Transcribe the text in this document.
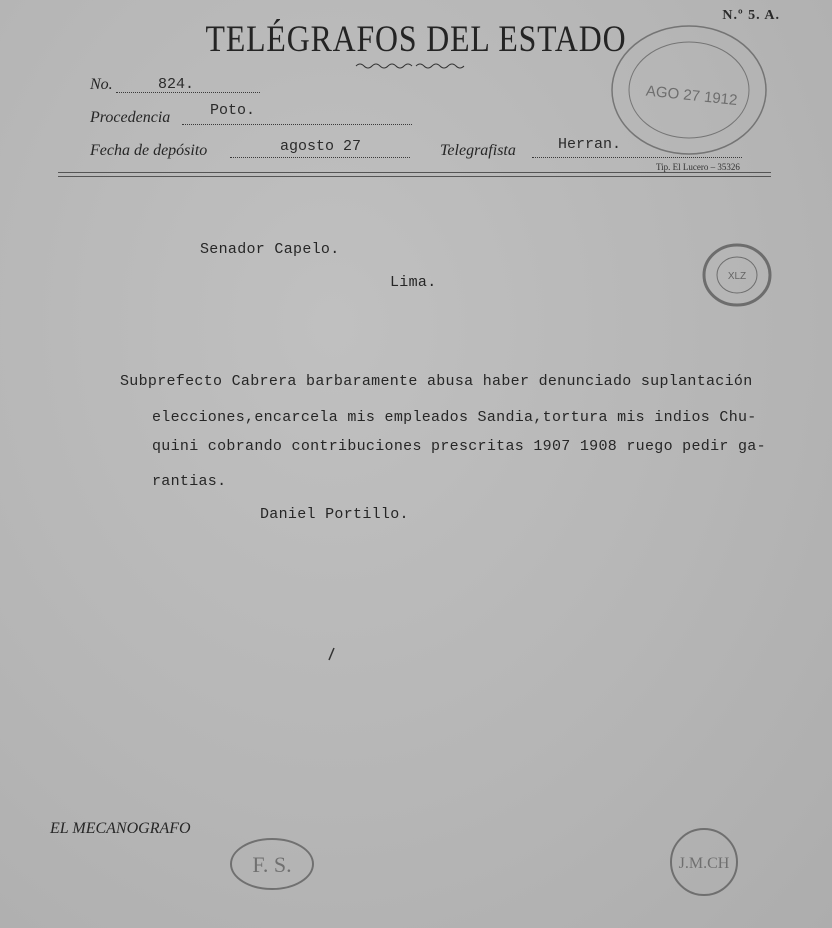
N.º 5. A.
TELÉGRAFOS DEL ESTADO
No.	824.
Procedencia	Poto.
Fecha de depósito	agosto 27	Telegrafista	Herran.
Tip. El Lucero – 35326
AGO 27 1912
XLZ
Senador Capelo.
Lima.
Subprefecto Cabrera barbaramente abusa haber denunciado suplantación
elecciones,encarcela mis empleados Sandia,tortura mis indios Chu-
quini cobrando contribuciones prescritas 1907 1908 ruego pedir ga-
rantias.
Daniel Portillo.
EL MECANOGRAFO
F. S.	J.M.CH
